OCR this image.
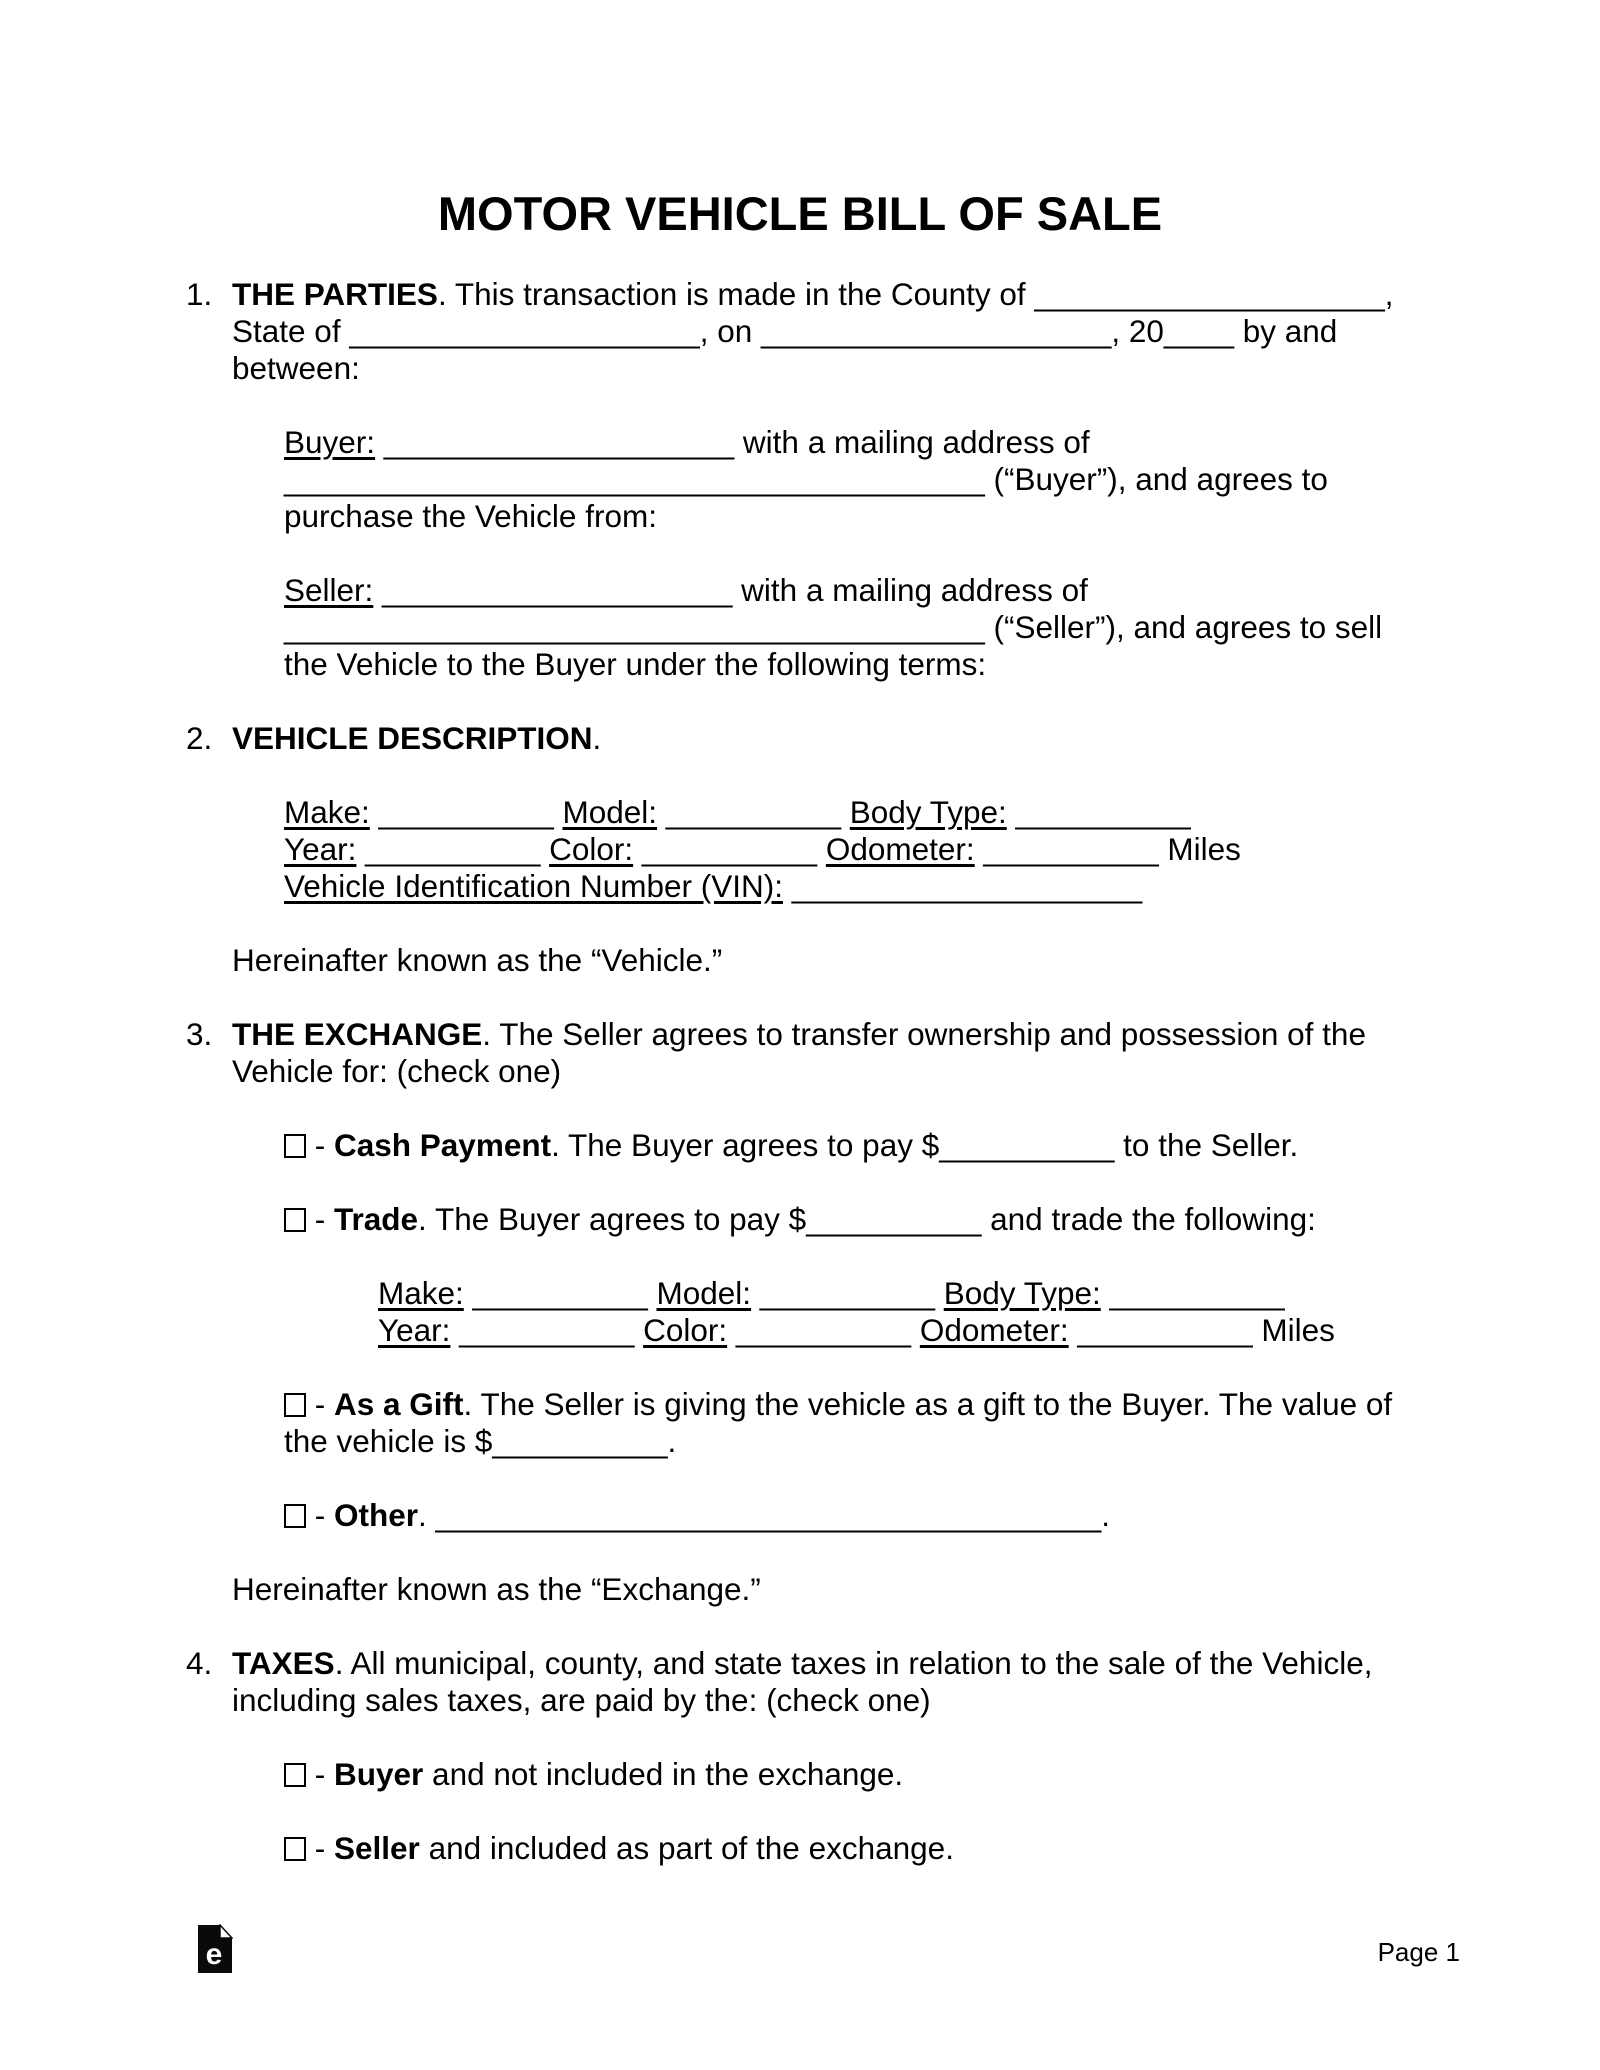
MOTOR VEHICLE BILL OF SALE
1. THE PARTIES. This transaction is made in the County of ____________________,
State of ____________________, on ____________________, 20____ by and
between:
Buyer: ____________________ with a mailing address of
________________________________________ (“Buyer”), and agrees to
purchase the Vehicle from:
Seller: ____________________ with a mailing address of
________________________________________ (“Seller”), and agrees to sell
the Vehicle to the Buyer under the following terms:
2. VEHICLE DESCRIPTION.
Make: __________ Model: __________ Body Type: __________
Year: __________ Color: __________ Odometer: __________ Miles
Vehicle Identification Number (VIN): ____________________
Hereinafter known as the “Vehicle.”
3. THE EXCHANGE. The Seller agrees to transfer ownership and possession of the
Vehicle for: (check one)
- Cash Payment. The Buyer agrees to pay $__________ to the Seller.
- Trade. The Buyer agrees to pay $__________ and trade the following:
Make: __________ Model: __________ Body Type: __________
Year: __________ Color: __________ Odometer: __________ Miles
- As a Gift. The Seller is giving the vehicle as a gift to the Buyer. The value of
the vehicle is $__________.
- Other. ______________________________________.
Hereinafter known as the “Exchange.”
4. TAXES. All municipal, county, and state taxes in relation to the sale of the Vehicle,
including sales taxes, are paid by the: (check one)
- Buyer and not included in the exchange.
- Seller and included as part of the exchange.
e	Page 1
